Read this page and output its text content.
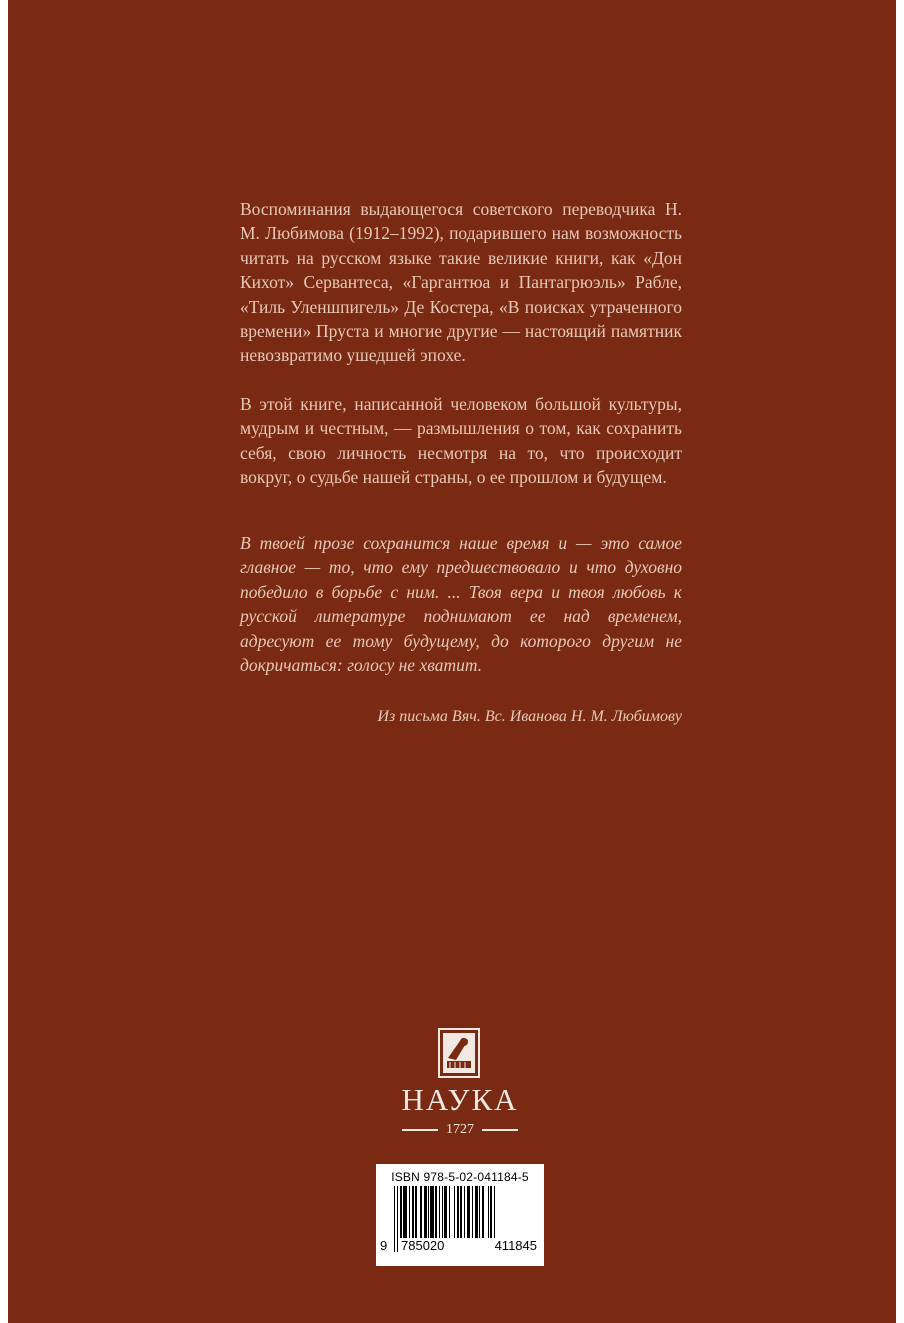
Воспоминания выдающегося советского переводчика Н. М. Любимова (1912–1992), подарившего нам возможность читать на русском языке такие великие книги, как «Дон Кихот» Сервантеса, «Гаргантюа и Пантагрюэль» Рабле, «Тиль Уленшпигель» Де Костера, «В поисках утраченного времени» Пруста и многие другие — настоящий памятник невозвратимо ушедшей эпохе.
В этой книге, написанной человеком большой культуры, мудрым и честным, — размышления о том, как сохранить себя, свою личность несмотря на то, что происходит вокруг, о судьбе нашей страны, о ее прошлом и будущем.
В твоей прозе сохранится наше время и — это самое главное — то, что ему предшествовало и что духовно победило в борьбе с ним. ... Твоя вера и твоя любовь к русской литературе поднимают ее над временем, адресуют ее тому будущему, до которого другим не докричаться: голосу не хватит.
Из письма Вяч. Вс. Иванова Н. М. Любимову
НАУКА
1727
ISBN 978-5-02-041184-5
9 785020	411845
